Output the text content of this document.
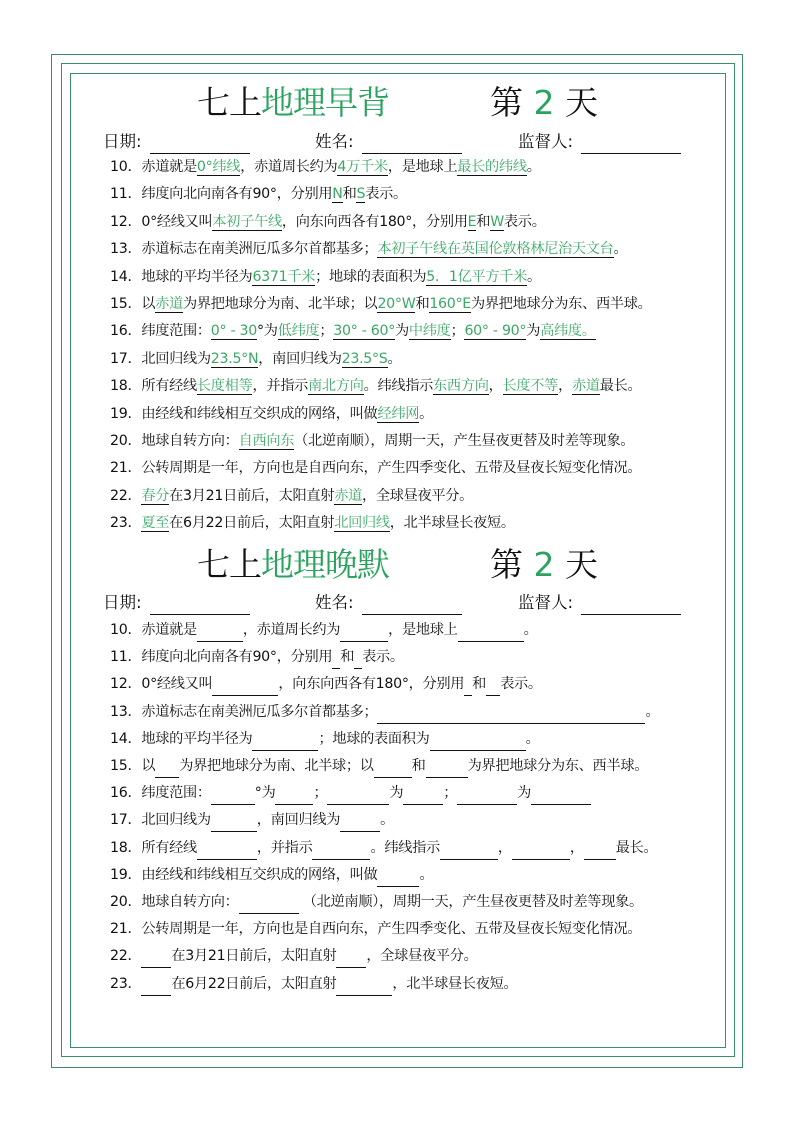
七上地理早背	第 2 天
日期:	姓名:	监督人:
10．赤道就是0°纬线，赤道周长约为4万千米，是地球上最长的纬线。
11．纬度向北向南各有90°，分别用N和S表示。
12．0°经线又叫本初子午线，向东向西各有180°，分别用E和W表示。
13．赤道标志在南美洲厄瓜多尔首都基多；本初子午线在英国伦敦格林尼治天文台。
14．地球的平均半径为6371千米；地球的表面积为5．1亿平方千米。
15．以赤道为界把地球分为南、北半球；以20°W和160°E为界把地球分为东、西半球。
16．纬度范围：0° - 30°为低纬度；30° - 60°为中纬度；60° - 90°为高纬度。
17．北回归线为23.5°N，南回归线为23.5°S。
18．所有经线长度相等，并指示南北方向。纬线指示东西方向，长度不等，赤道最长。
19．由经线和纬线相互交织成的网络，叫做经纬网。
20．地球自转方向：自西向东（北逆南顺），周期一天，产生昼夜更替及时差等现象。
21．公转周期是一年，方向也是自西向东，产生四季变化、五带及昼夜长短变化情况。
22．春分在3月21日前后，太阳直射赤道，全球昼夜平分。
23．夏至在6月22日前后，太阳直射北回归线，北半球昼长夜短。
七上地理晚默	第 2 天
日期:	姓名:	监督人:
10．赤道就是	，赤道周长约为	，是地球上	。
11．纬度向北向南各有90°，分别用 和 表示。
12．0°经线又叫	，向东向西各有180°，分别用 和 表示。
13．赤道标志在南美洲厄瓜多尔首都基多；	。
14．地球的平均半径为	；地球的表面积为	。
15．以 为界把地球分为南、北半球；以	和	为界把地球分为东、西半球。
16．纬度范围：	°为	；	为	；	为
17．北回归线为	，南回归线为	。
18．所有经线	，并指示	。纬线指示	，	， 最长。
19．由经线和纬线相互交织成的网络，叫做	。
20．地球自转方向：	（北逆南顺），周期一天，产生昼夜更替及时差等现象。
21．公转周期是一年，方向也是自西向东，产生四季变化、五带及昼夜长短变化情况。
22． 在3月21日前后，太阳直射 ，全球昼夜平分。
23． 在6月22日前后，太阳直射	，北半球昼长夜短。
